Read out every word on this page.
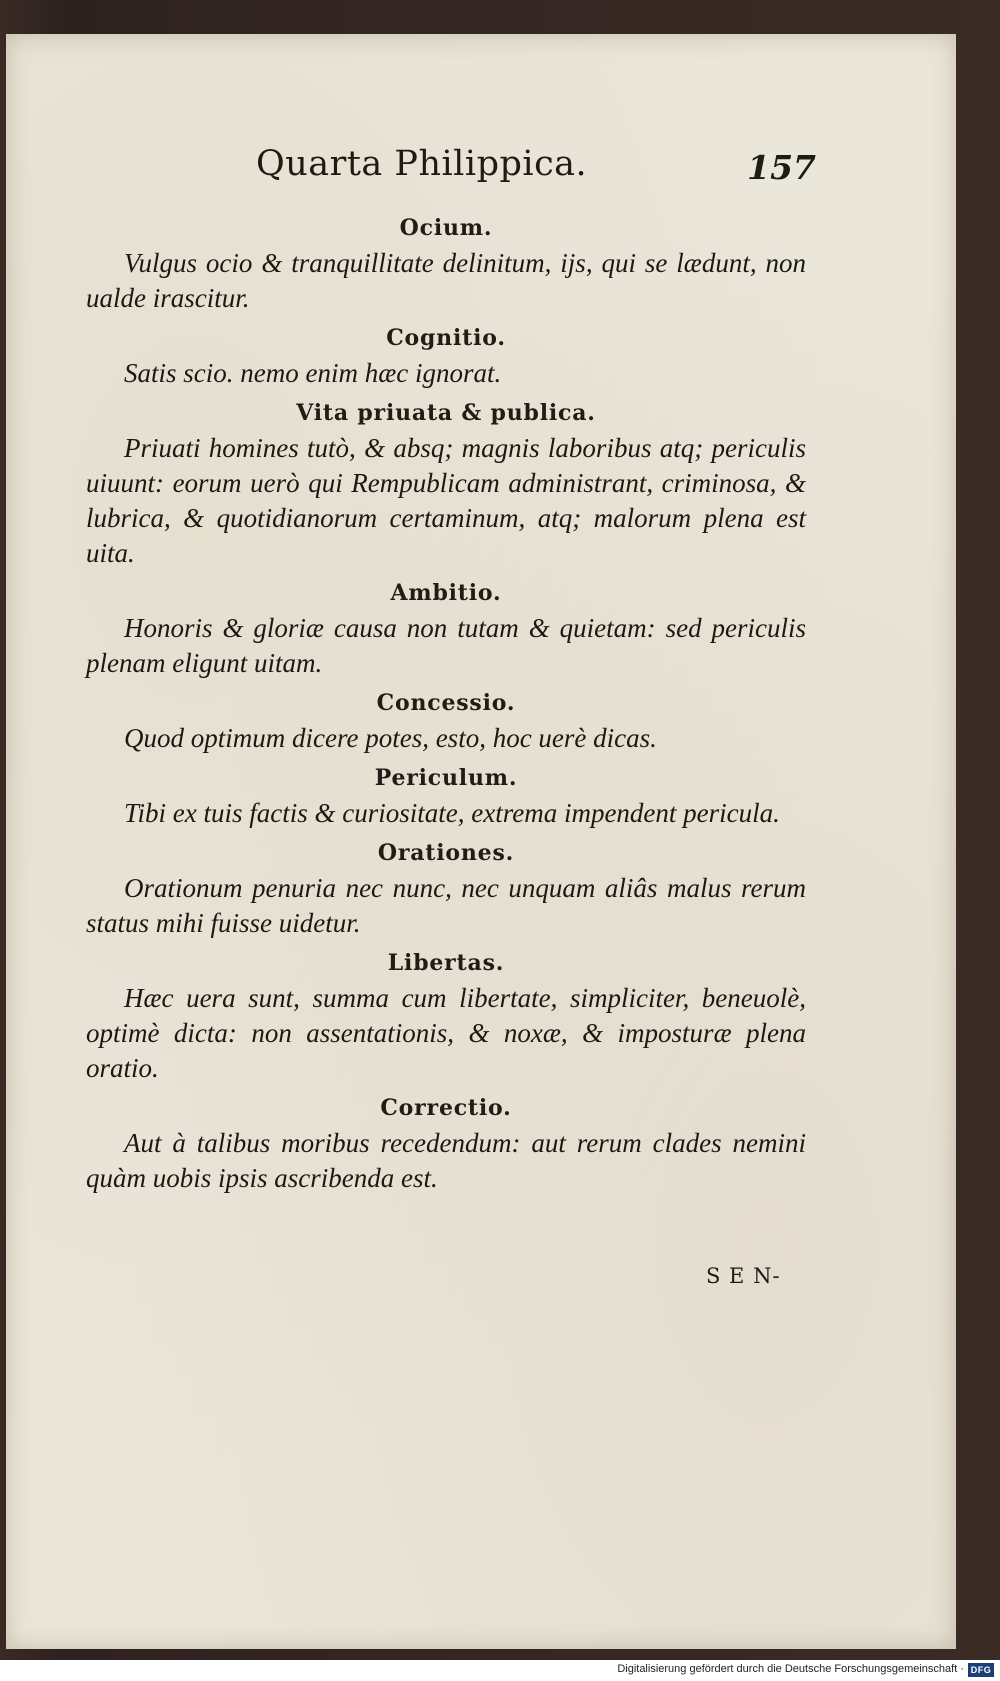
Quarta Philippica.	157
Ocium.

Vulgus ocio & tranquillitate delinitum, ijs, qui se lædunt, non ualde irascitur.

Cognitio.

Satis scio. nemo enim hæc ignorat.

Vita priuata & publica.

Priuati homines tutò, & absq; magnis laboribus atq; periculis uiuunt: eorum uerò qui Rempublicam administrant, criminosa, & lubrica, & quotidianorum certaminum, atq; malorum plena est uita.

Ambitio.

Honoris & gloriæ causa non tutam & quietam: sed periculis plenam eligunt uitam.

Concessio.

Quod optimum dicere potes, esto, hoc uerè dicas.

Periculum.

Tibi ex tuis factis & curiositate, extrema impendent pericula.

Orationes.

Orationum penuria nec nunc, nec unquam aliâs malus rerum status mihi fuisse uidetur.

Libertas.

Hæc uera sunt, summa cum libertate, simpliciter, beneuolè, optimè dicta: non assentationis, & noxæ, & imposturæ plena oratio.

Correctio.

Aut à talibus moribus recedendum: aut rerum clades nemini quàm uobis ipsis ascribenda est.

S E N-
Digitalisierung gefördert durch die Deutsche Forschungsgemeinschaft · DFG
